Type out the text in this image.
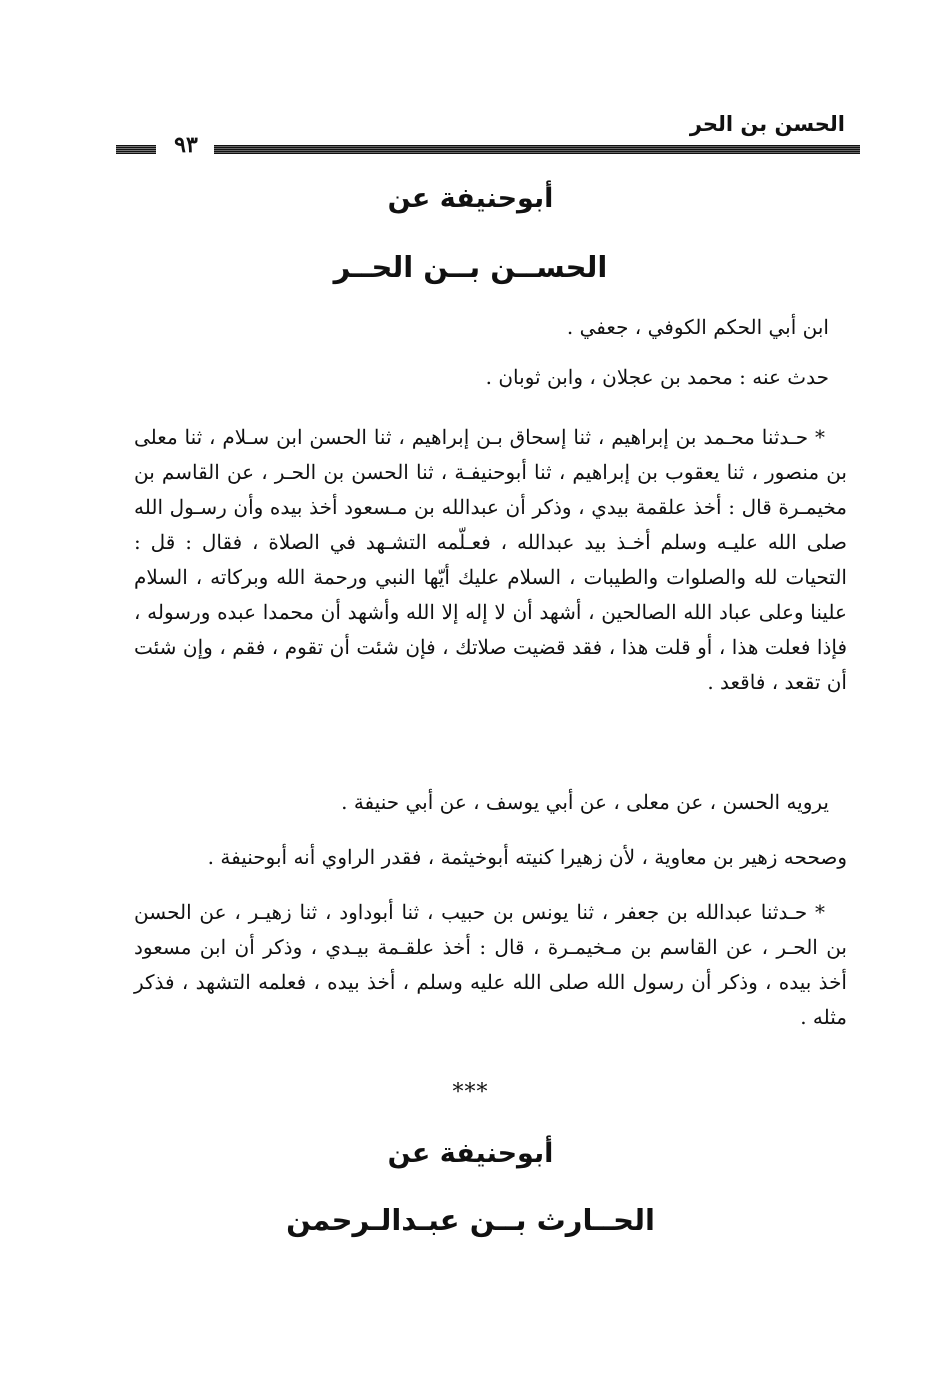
الحسن بن الحر
٩٣
أبوحنيفة عن
الحســن بــن الحــر
ابن أبي الحكم الكوفي ، جعفي .
حدث عنه : محمد بن عجلان ، وابن ثوبان .
* حـدثنا محـمد بن إبراهيم ، ثنا إسحاق بـن إبراهيم ، ثنا الحسن ابن سـلام ، ثنا معلى بن منصور ، ثنا يعقوب بن إبراهيم ، ثنا أبوحنيفـة ، ثنا الحسن بن الحـر ، عن القاسم بن مخيمـرة قال : أخذ علقمة بيدي ، وذكر أن عبدالله بن مـسعود أخذ بيده وأن رسـول الله صلى الله عليـه وسلم أخـذ بيد عبدالله ، فعـلّمه التشـهد في الصلاة ، فقال : قل : التحيات لله والصلوات والطيبات ، السلام عليك أيّها النبي ورحمة الله وبركاته ، السلام علينا وعلى عباد الله الصالحين ، أشهد أن لا إله إلا الله وأشهد أن محمدا عبده ورسوله ، فإذا فعلت هذا ، أو قلت هذا ، فقد قضيت صلاتك ، فإن شئت أن تقوم ، فقم ، وإن شئت أن تقعد ، فاقعد .
يرويه الحسن ، عن معلى ، عن أبي يوسف ، عن أبي حنيفة .
وصححه زهير بن معاوية ، لأن زهيرا كنيته أبوخيثمة ، فقدر الراوي أنه أبوحنيفة .
* حـدثنا عبدالله بن جعفر ، ثنا يونس بن حبيب ، ثنا أبوداود ، ثنا زهيـر ، عن الحسن بن الحـر ، عن القاسم بن مـخيمـرة ، قال : أخذ علقـمة بيـدي ، وذكر أن ابن مسعود أخذ بيده ، وذكر أن رسول الله صلى الله عليه وسلم ، أخذ بيده ، فعلمه التشهد ، فذكر مثله .
***
أبوحنيفة عن
الحــارث بــن عبـدالـرحمن
